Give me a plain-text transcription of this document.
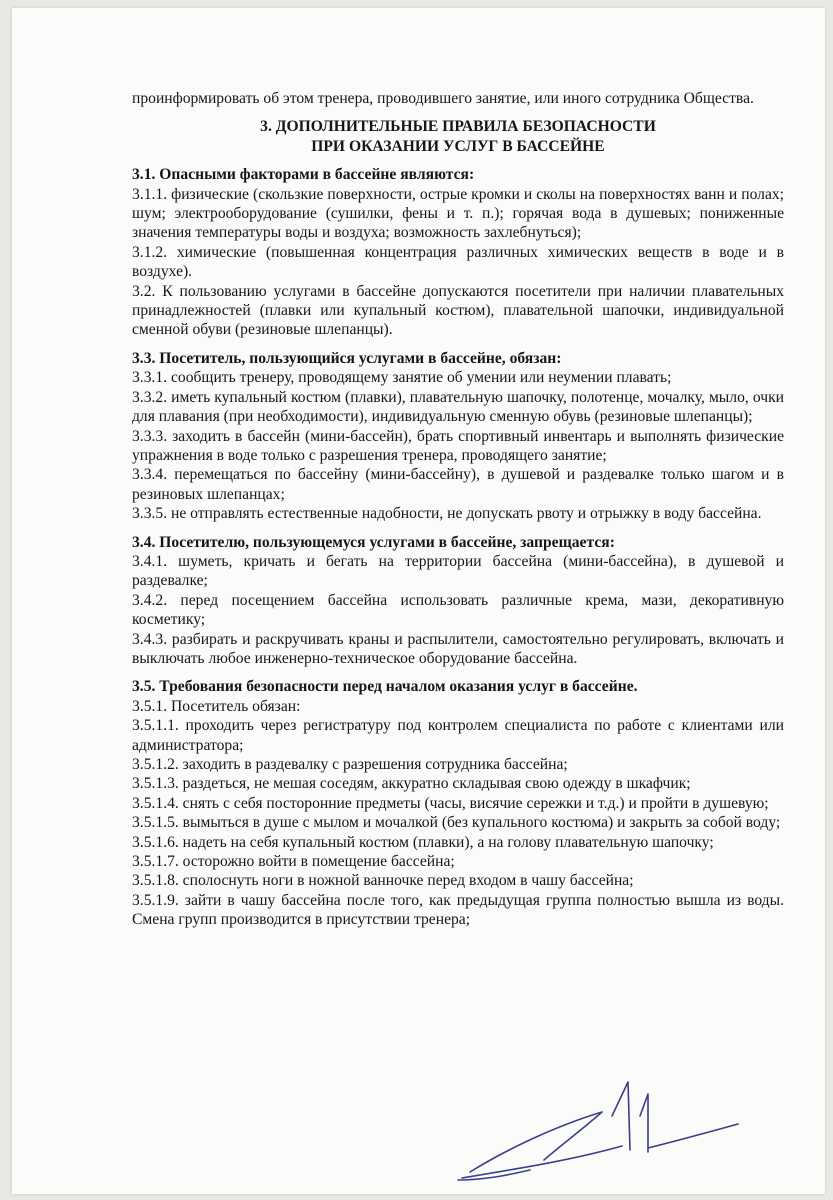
проинформировать об этом тренера, проводившего занятие, или иного сотрудника Общества.

3. ДОПОЛНИТЕЛЬНЫЕ ПРАВИЛА БЕЗОПАСНОСТИ

ПРИ ОКАЗАНИИ УСЛУГ В БАССЕЙНЕ

3.1. Опасными факторами в бассейне являются:

3.1.1. физические (скользкие поверхности, острые кромки и сколы на поверхностях ванн и полах; шум; электрооборудование (сушилки, фены и т. п.); горячая вода в душевых; пониженные значения температуры воды и воздуха; возможность захлебнуться);

3.1.2. химические (повышенная концентрация различных химических веществ в воде и в воздухе).

3.2. К пользованию услугами в бассейне допускаются посетители при наличии плавательных принадлежностей (плавки или купальный костюм), плавательной шапочки, индивидуальной сменной обуви (резиновые шлепанцы).

3.3. Посетитель, пользующийся услугами в бассейне, обязан:

3.3.1. сообщить тренеру, проводящему занятие об умении или неумении плавать;

3.3.2. иметь купальный костюм (плавки), плавательную шапочку, полотенце, мочалку, мыло, очки для плавания (при необходимости), индивидуальную сменную обувь (резиновые шлепанцы);

3.3.3. заходить в бассейн (мини-бассейн), брать спортивный инвентарь и выполнять физические упражнения в воде только с разрешения тренера, проводящего занятие;

3.3.4. перемещаться по бассейну (мини-бассейну), в душевой и раздевалке только шагом и в резиновых шлепанцах;

3.3.5. не отправлять естественные надобности, не допускать рвоту и отрыжку в воду бассейна.

3.4. Посетителю, пользующемуся услугами в бассейне, запрещается:

3.4.1. шуметь, кричать и бегать на территории бассейна (мини-бассейна), в душевой и раздевалке;

3.4.2. перед посещением бассейна использовать различные крема, мази, декоративную косметику;

3.4.3. разбирать и раскручивать краны и распылители, самостоятельно регулировать, включать и выключать любое инженерно-техническое оборудование бассейна.

3.5. Требования безопасности перед началом оказания услуг в бассейне.

3.5.1. Посетитель обязан:

3.5.1.1. проходить через регистратуру под контролем специалиста по работе с клиентами или администратора;

3.5.1.2. заходить в раздевалку с разрешения сотрудника бассейна;

3.5.1.3. раздеться, не мешая соседям, аккуратно складывая свою одежду в шкафчик;

3.5.1.4. снять с себя посторонние предметы (часы, висячие сережки и т.д.) и пройти в душевую;

3.5.1.5. вымыться в душе с мылом и мочалкой (без купального костюма) и закрыть за собой воду;

3.5.1.6. надеть на себя купальный костюм (плавки), а на голову плавательную шапочку;

3.5.1.7. осторожно войти в помещение бассейна;

3.5.1.8. сполоснуть ноги в ножной ванночке перед входом в чашу бассейна;

3.5.1.9. зайти в чашу бассейна после того, как предыдущая группа полностью вышла из воды. Смена групп производится в присутствии тренера;
